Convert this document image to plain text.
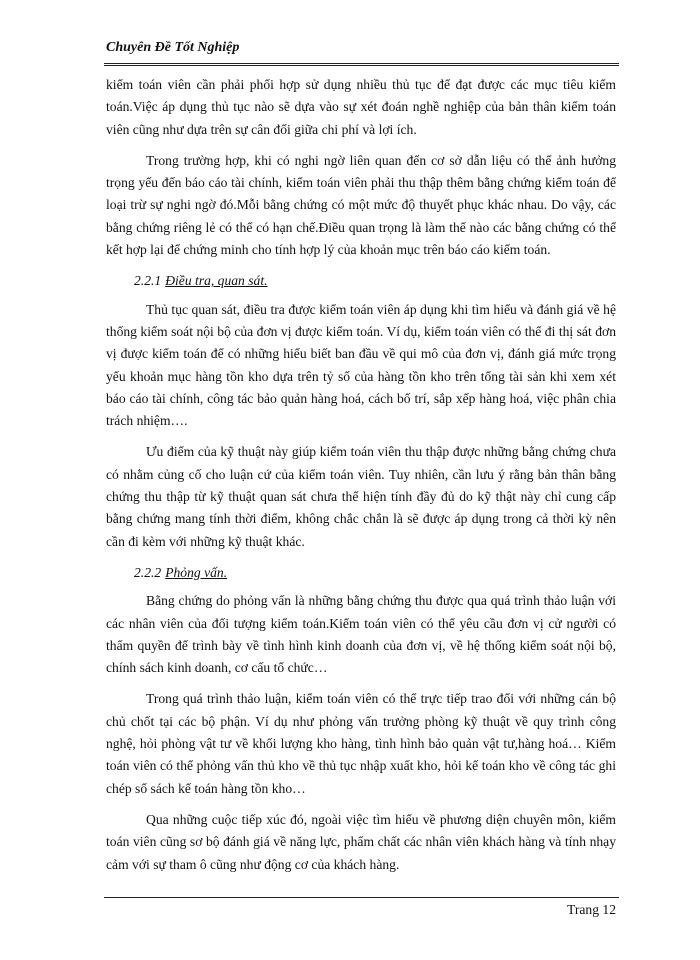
Chuyên Đề Tốt Nghiệp

kiểm toán viên cần phải phối hợp sử dụng nhiều thủ tục để đạt được các mục tiêu kiểm toán.Việc áp dụng thủ tục nào sẽ dựa vào sự xét đoán nghề nghiệp của bản thân kiểm toán viên cũng như dựa trên sự cân đối giữa chi phí và lợi ích.

Trong trường hợp, khi có nghi ngờ liên quan đến cơ sở dẫn liệu có thể ảnh hưởng trọng yếu đến báo cáo tài chính, kiểm toán viên phải thu thập thêm bằng chứng kiểm toán để loại trừ sự nghi ngờ đó.Mỗi bằng chứng có một mức độ thuyết phục khác nhau. Do vậy, các bằng chứng riêng lẻ có thể có hạn chế.Điều quan trọng là làm thế nào các bằng chứng có thể kết hợp lại để chứng minh cho tính hợp lý của khoản mục trên báo cáo kiểm toán.

2.2.1 Điều tra, quan sát.

Thủ tục quan sát, điều tra được kiểm toán viên áp dụng khi tìm hiểu và đánh giá về hệ thống kiểm soát nội bộ của đơn vị được kiểm toán. Ví dụ, kiểm toán viên có thể đi thị sát đơn vị được kiểm toán để có những hiểu biết ban đầu về qui mô của đơn vị, đánh giá mức trọng yếu khoản mục hàng tồn kho dựa trên tỷ số của hàng tồn kho trên tổng tài sản khi xem xét báo cáo tài chính, công tác bảo quản hàng hoá, cách bố trí, sắp xếp hàng hoá, việc phân chia trách nhiệm….

Ưu điểm của kỹ thuật này giúp kiểm toán viên thu thập được những bằng chứng chưa có nhằm củng cố cho luận cứ của kiểm toán viên. Tuy nhiên, cần lưu ý rằng bản thân bằng chứng thu thập từ kỹ thuật quan sát chưa thể hiện tính đầy đủ do kỹ thật này chỉ cung cấp bằng chứng mang tính thời điểm, không chắc chắn là sẽ được áp dụng trong cả thời kỳ nên cần đi kèm với những kỹ thuật khác.

2.2.2 Phỏng vấn.

Bằng chứng do phỏng vấn là những bằng chứng thu được qua quá trình thảo luận với các nhân viên của đối tượng kiểm toán.Kiểm toán viên có thể yêu cầu đơn vị cử người có thẩm quyền để trình bày về tình hình kinh doanh của đơn vị, về hệ thống kiểm soát nội bộ, chính sách kinh doanh, cơ cấu tổ chức…

Trong quá trình thảo luận, kiểm toán viên có thể trực tiếp trao đổi với những cán bộ chủ chốt tại các bộ phận. Ví dụ như phỏng vấn trưởng phòng kỹ thuật về quy trình công nghệ, hỏi phòng vật tư về khối lượng kho hàng, tình hình bảo quản vật tư,hàng hoá… Kiểm toán viên có thể phỏng vấn thủ kho về thủ tục nhập xuất kho, hỏi kế toán kho về công tác ghi chép sổ sách kế toán hàng tồn kho…

Qua những cuộc tiếp xúc đó, ngoài việc tìm hiểu về phương diện chuyên môn, kiểm toán viên cũng sơ bộ đánh giá về năng lực, phẩm chất các nhân viên khách hàng và tính nhạy cảm với sự tham ô cũng như động cơ của khách hàng.

Trang 12
